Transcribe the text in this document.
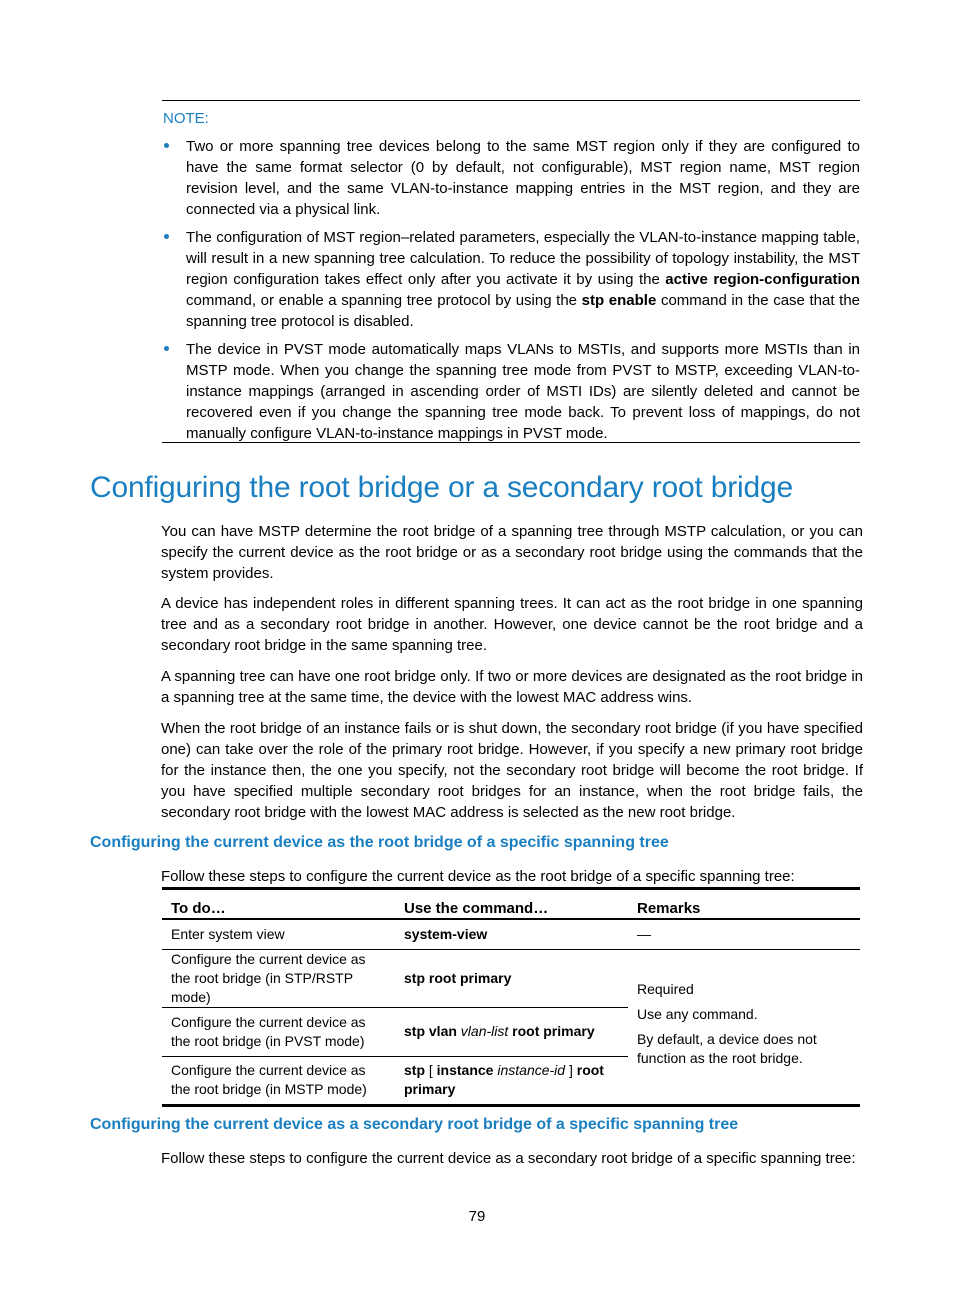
NOTE:
Two or more spanning tree devices belong to the same MST region only if they are configured to have the same format selector (0 by default, not configurable), MST region name, MST region revision level, and the same VLAN-to-instance mapping entries in the MST region, and they are connected via a physical link.
The configuration of MST region–related parameters, especially the VLAN-to-instance mapping table, will result in a new spanning tree calculation. To reduce the possibility of topology instability, the MST region configuration takes effect only after you activate it by using the active region-configuration command, or enable a spanning tree protocol by using the stp enable command in the case that the spanning tree protocol is disabled.
The device in PVST mode automatically maps VLANs to MSTIs, and supports more MSTIs than in MSTP mode. When you change the spanning tree mode from PVST to MSTP, exceeding VLAN-to-instance mappings (arranged in ascending order of MSTI IDs) are silently deleted and cannot be recovered even if you change the spanning tree mode back. To prevent loss of mappings, do not manually configure VLAN-to-instance mappings in PVST mode.
Configuring the root bridge or a secondary root bridge

You can have MSTP determine the root bridge of a spanning tree through MSTP calculation, or you can specify the current device as the root bridge or as a secondary root bridge using the commands that the system provides.

A device has independent roles in different spanning trees. It can act as the root bridge in one spanning tree and as a secondary root bridge in another. However, one device cannot be the root bridge and a secondary root bridge in the same spanning tree.

A spanning tree can have one root bridge only. If two or more devices are designated as the root bridge in a spanning tree at the same time, the device with the lowest MAC address wins.

When the root bridge of an instance fails or is shut down, the secondary root bridge (if you have specified one) can take over the role of the primary root bridge. However, if you specify a new primary root bridge for the instance then, the one you specify, not the secondary root bridge will become the root bridge. If you have specified multiple secondary root bridges for an instance, when the root bridge fails, the secondary root bridge with the lowest MAC address is selected as the new root bridge.

Configuring the current device as the root bridge of a specific spanning tree

Follow these steps to configure the current device as the root bridge of a specific spanning tree:

To do…	Use the command…	Remarks
Enter system view	system-view	—
Configure the current device as the root bridge (in STP/RSTP mode)	stp root primary	Required

Use any command.

By default, a device does not function as the root bridge.

Configure the current device as the root bridge (in PVST mode)	stp vlan vlan-list root primary	
Configure the current device as the root bridge (in MSTP mode)	stp [ instance instance-id ] root primary	
Configuring the current device as a secondary root bridge of a specific spanning tree

Follow these steps to configure the current device as a secondary root bridge of a specific spanning tree:

79
